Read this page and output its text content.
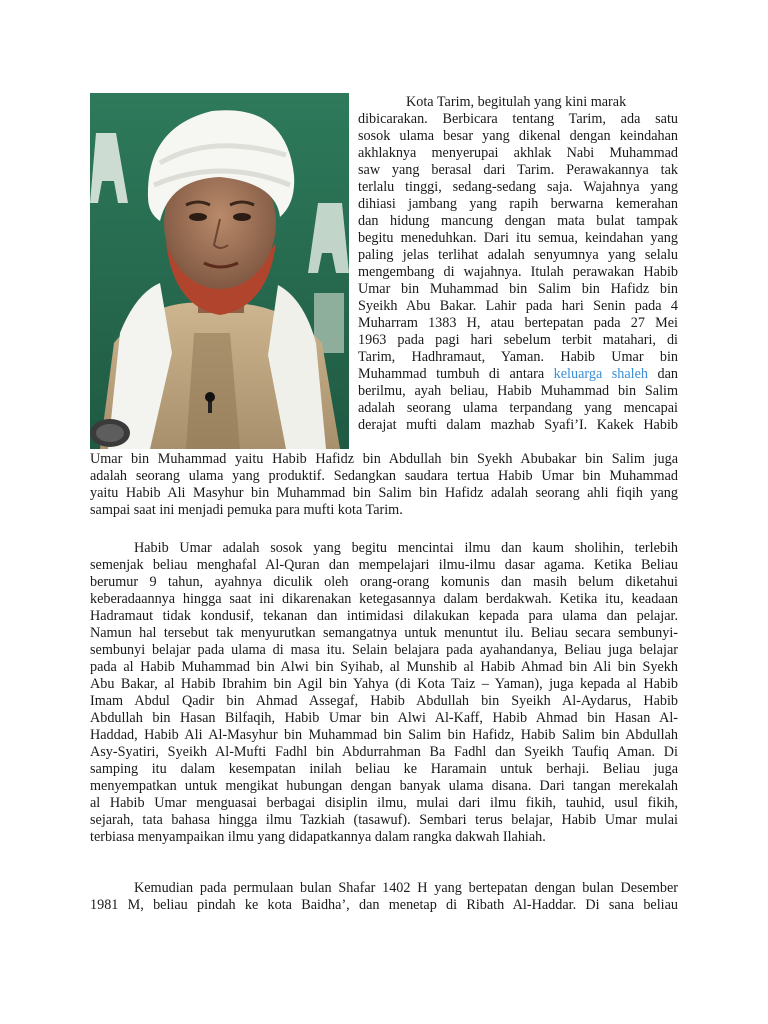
Kota Tarim, begitulah yang kini marak
dibicarakan. Berbicara tentang Tarim, ada satu
sosok ulama besar yang dikenal dengan keindahan
akhlaknya menyerupai akhlak Nabi Muhammad
saw yang berasal dari Tarim. Perawakannya tak
terlalu tinggi, sedang-sedang saja. Wajahnya yang
dihiasi jambang yang rapih berwarna kemerahan
dan hidung mancung dengan mata bulat tampak
begitu meneduhkan. Dari itu semua, keindahan yang
paling jelas terlihat adalah senyumnya yang selalu
mengembang di wajahnya. Itulah perawakan Habib
Umar bin Muhammad bin Salim bin Hafidz bin
Syeikh Abu Bakar. Lahir pada hari Senin pada 4
Muharram 1383 H, atau bertepatan pada 27 Mei
1963 pada pagi hari sebelum terbit matahari, di
Tarim, Hadhramaut, Yaman. Habib Umar bin
Muhammad tumbuh di antara keluarga shaleh dan
berilmu, ayah beliau, Habib Muhammad bin Salim
adalah seorang ulama terpandang yang mencapai
derajat mufti dalam mazhab Syafi’I. Kakek Habib
Umar bin Muhammad yaitu Habib Hafidz bin Abdullah bin Syekh Abubakar bin Salim juga
adalah seorang ulama yang produktif. Sedangkan saudara tertua Habib Umar bin Muhammad
yaitu Habib Ali Masyhur bin Muhammad bin Salim bin Hafidz adalah seorang ahli fiqih yang
sampai saat ini menjadi pemuka para mufti kota Tarim.
Habib Umar adalah sosok yang begitu mencintai ilmu dan kaum sholihin, terlebih
semenjak beliau menghafal Al-Quran dan mempelajari ilmu-ilmu dasar agama. Ketika Beliau
berumur 9 tahun, ayahnya diculik oleh orang-orang komunis dan masih belum diketahui
keberadaannya hingga saat ini dikarenakan ketegasannya dalam berdakwah. Ketika itu, keadaan
Hadramaut tidak kondusif, tekanan dan intimidasi dilakukan kepada para ulama dan pelajar.
Namun hal tersebut tak menyurutkan semangatnya untuk menuntut ilu. Beliau secara sembunyi-
sembunyi belajar pada ulama di masa itu. Selain belajara pada ayahandanya, Beliau juga belajar
pada al Habib Muhammad bin Alwi bin Syihab, al Munshib al Habib Ahmad bin Ali bin Syekh
Abu Bakar, al Habib Ibrahim bin Agil bin Yahya (di Kota Taiz – Yaman), juga kepada al Habib
Imam Abdul Qadir bin Ahmad Assegaf, Habib Abdullah bin Syeikh Al-Aydarus, Habib
Abdullah bin Hasan Bilfaqih, Habib Umar bin Alwi Al-Kaff, Habib Ahmad bin Hasan Al-
Haddad, Habib Ali Al-Masyhur bin Muhammad bin Salim bin Hafidz, Habib Salim bin Abdullah
Asy-Syatiri, Syeikh Al-Mufti Fadhl bin Abdurrahman Ba Fadhl dan Syeikh Taufiq Aman. Di
samping itu dalam kesempatan inilah beliau ke Haramain untuk berhaji. Beliau juga
menyempatkan untuk mengikat hubungan dengan banyak ulama disana. Dari tangan merekalah
al Habib Umar menguasai berbagai disiplin ilmu, mulai dari ilmu fikih, tauhid, usul fikih,
sejarah, tata bahasa hingga ilmu Tazkiah (tasawuf). Sembari terus belajar, Habib Umar mulai
terbiasa menyampaikan ilmu yang didapatkannya dalam rangka dakwah Ilahiah.
Kemudian pada permulaan bulan Shafar 1402 H yang bertepatan dengan bulan Desember
1981 M, beliau pindah ke kota Baidha’, dan menetap di Ribath Al-Haddar. Di sana beliau
